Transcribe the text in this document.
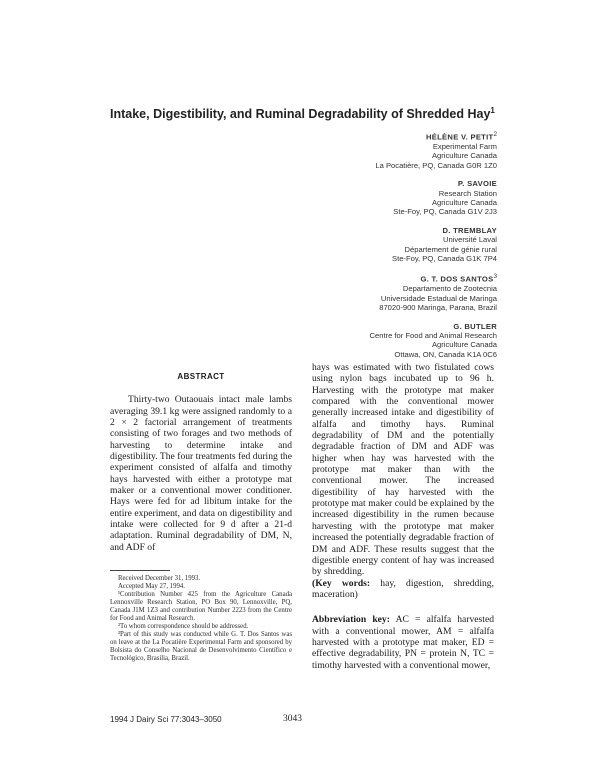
Intake, Digestibility, and Ruminal Degradability of Shredded Hay$^1$
HÉLÈNE V. PETIT$^2$
Experimental Farm
Agriculture Canada
La Pocatière, PQ, Canada G0R 1Z0
P. SAVOIE
Research Station
Agriculture Canada
Ste-Foy, PQ, Canada G1V 2J3
D. TREMBLAY
Université Laval
Département de génie rural
Ste-Foy, PQ, Canada G1K 7P4
G. T. DOS SANTOS$^3$
Departamento de Zootecnia
Universidade Estadual de Maringa
87020-900 Maringa, Parana, Brazil
G. BUTLER
Centre for Food and Animal Research
Agriculture Canada
Ottawa, ON, Canada K1A 0C6
ABSTRACT

Thirty-two Outaouais intact male lambs averaging 39.1 kg were assigned randomly to a 2 × 2 factorial arrangement of treatments consisting of two forages and two methods of harvesting to determine intake and digestibility. The four treatments fed during the experiment consisted of alfalfa and timothy hays harvested with either a prototype mat maker or a conventional mower conditioner. Hays were fed for ad libitum intake for the entire experiment, and data on digestibility and intake were collected for 9 d after a 21-d adaptation. Ruminal degradability of DM, N, and ADF of

hays was estimated with two fistulated cows using nylon bags incubated up to 96 h. Harvesting with the prototype mat maker compared with the conventional mower generally increased intake and digestibility of alfalfa and timothy hays. Ruminal degradability of DM and the potentially degradable fraction of DM and ADF was higher when hay was harvested with the prototype mat maker than with the conventional mower. The increased digestibility of hay harvested with the prototype mat maker could be explained by the increased digestibility in the rumen because harvesting with the prototype mat maker increased the potentially degradable fraction of DM and ADF. These results suggest that the digestible energy content of hay was increased by shredding.

(Key words: hay, digestion, shredding, maceration)

Abbreviation key: AC = alfalfa harvested with a conventional mower, AM = alfalfa harvested with a prototype mat maker, ED = effective degradability, PN = protein N, TC = timothy harvested with a conventional mower,

Received December 31, 1993.

Accepted May 27, 1994.

¹Contribution Number 425 from the Agriculture Canada Lennoxville Research Station, PO Box 90, Lennoxville, PQ, Canada J1M 1Z3 and contribution Number 2223 from the Centre for Food and Animal Research.

²To whom correspondence should be addressed.

³Part of this study was conducted while G. T. Dos Santos was on leave at the La Pocatière Experimental Farm and sponsored by Bolsista do Conselho Nacional de Desenvolvimento Científico e Tecnológico, Brasilia, Brazil.

1994 J Dairy Sci 77:3043–3050	3043
